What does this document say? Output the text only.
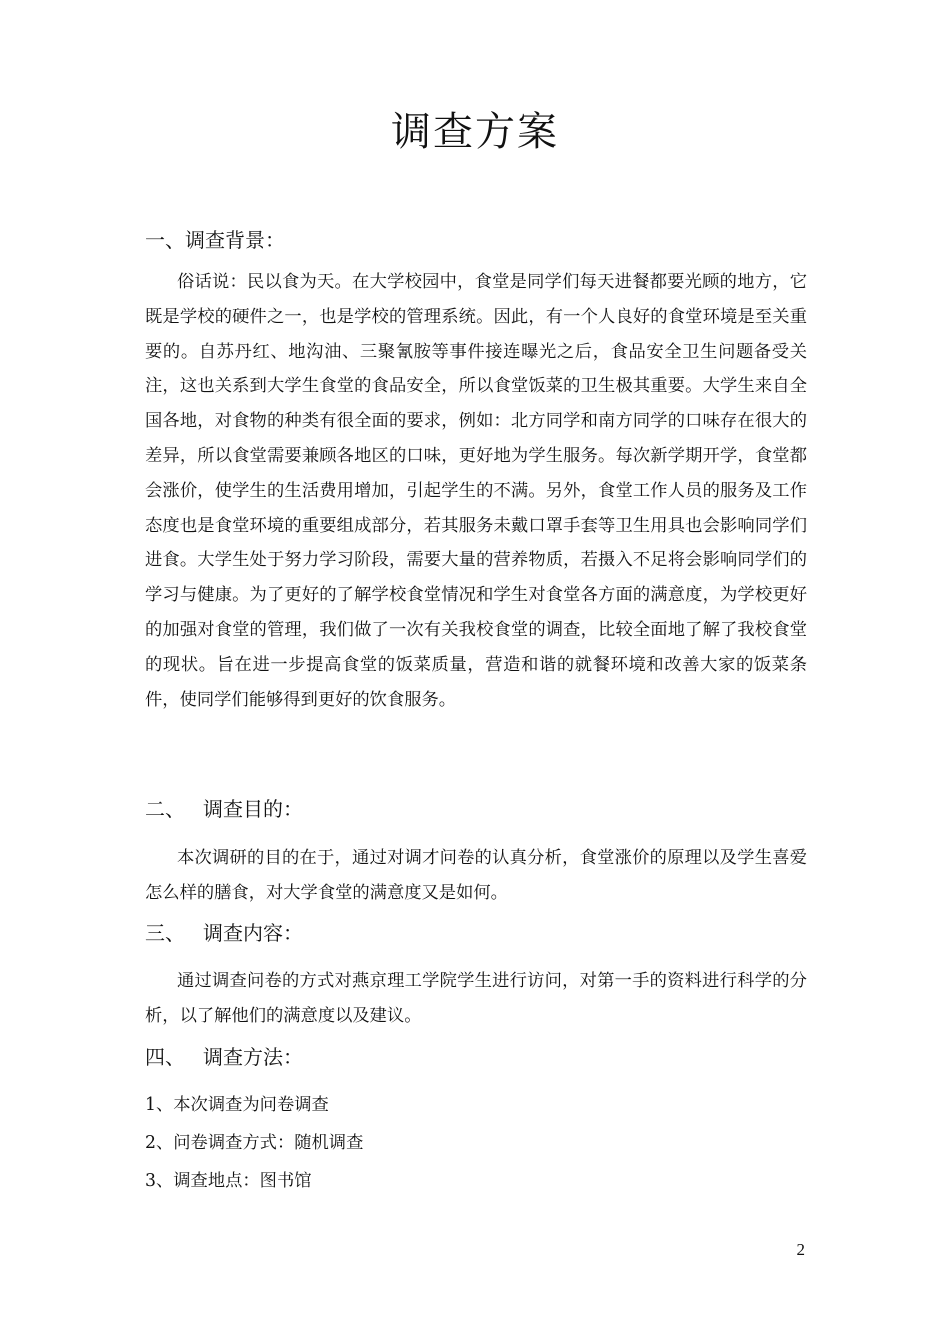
调查方案
一、调查背景：

俗话说：民以食为天。在大学校园中，食堂是同学们每天进餐都要光顾的地方，它既是学校的硬件之一，也是学校的管理系统。因此，有一个人良好的食堂环境是至关重要的。自苏丹红、地沟油、三聚氰胺等事件接连曝光之后，食品安全卫生问题备受关注，这也关系到大学生食堂的食品安全，所以食堂饭菜的卫生极其重要。大学生来自全国各地，对食物的种类有很全面的要求，例如：北方同学和南方同学的口味存在很大的差异，所以食堂需要兼顾各地区的口味，更好地为学生服务。每次新学期开学，食堂都会涨价，使学生的生活费用增加，引起学生的不满。另外，食堂工作人员的服务及工作态度也是食堂环境的重要组成部分，若其服务未戴口罩手套等卫生用具也会影响同学们进食。大学生处于努力学习阶段，需要大量的营养物质，若摄入不足将会影响同学们的学习与健康。为了更好的了解学校食堂情况和学生对食堂各方面的满意度，为学校更好的加强对食堂的管理，我们做了一次有关我校食堂的调查，比较全面地了解了我校食堂的现状。旨在进一步提高食堂的饭菜质量，营造和谐的就餐环境和改善大家的饭菜条件，使同学们能够得到更好的饮食服务。

二、 调查目的：

本次调研的目的在于，通过对调才问卷的认真分析，食堂涨价的原理以及学生喜爱怎么样的膳食，对大学食堂的满意度又是如何。

三、 调查内容：

通过调查问卷的方式对燕京理工学院学生进行访问，对第一手的资料进行科学的分析，以了解他们的满意度以及建议。

四、 调查方法：
1、本次调查为问卷调查
2、问卷调查方式：随机调查
3、调查地点：图书馆
2
